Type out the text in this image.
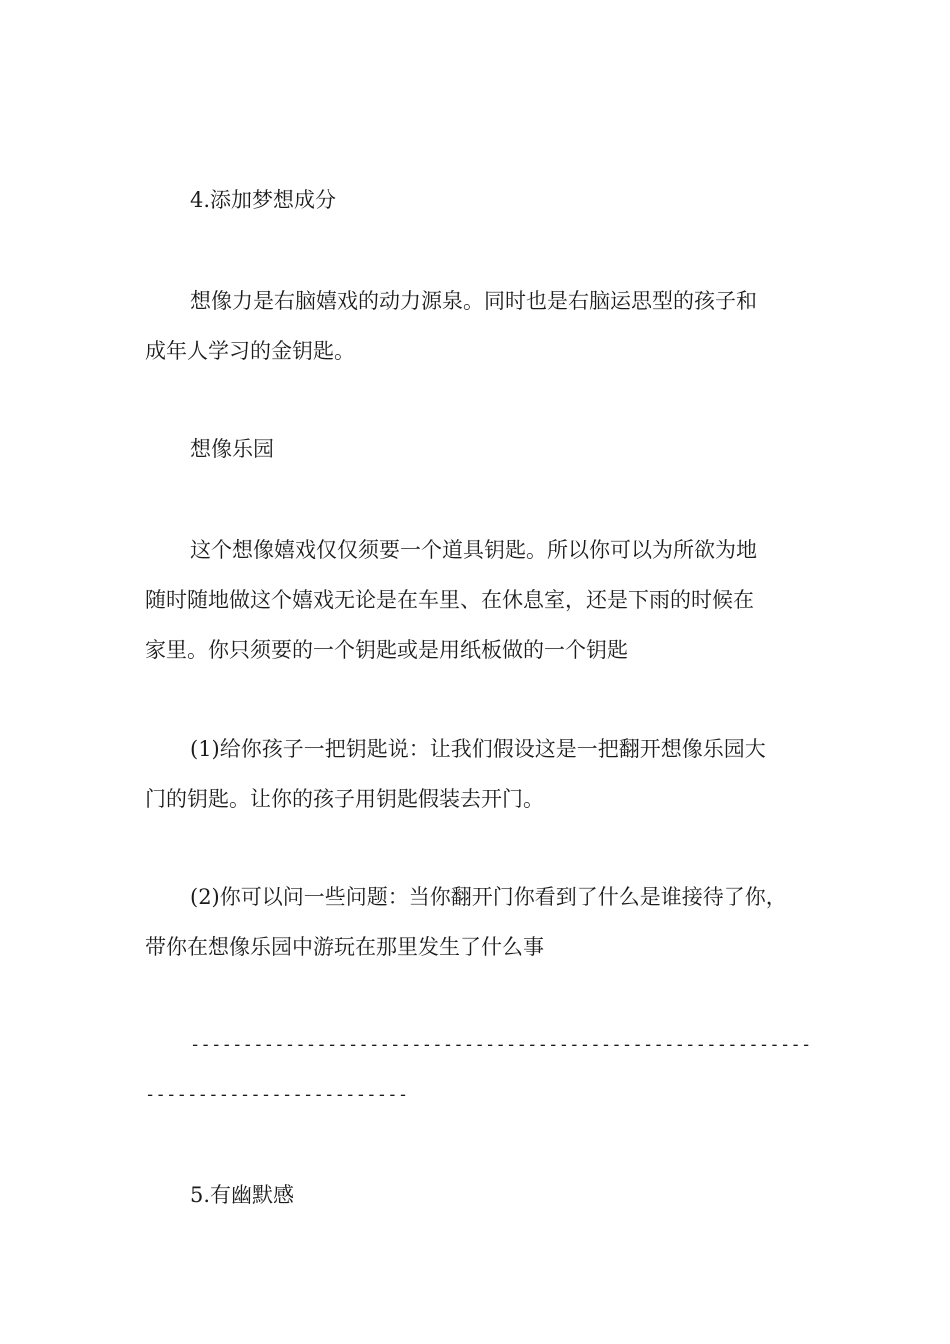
4.添加梦想成分
想像力是右脑嬉戏的动力源泉。同时也是右脑运思型的孩子和
成年人学习的金钥匙。
想像乐园
这个想像嬉戏仅仅须要一个道具钥匙。所以你可以为所欲为地
随时随地做这个嬉戏无论是在车里、在休息室，还是下雨的时候在
家里。你只须要的一个钥匙或是用纸板做的一个钥匙
(1)给你孩子一把钥匙说：让我们假设这是一把翻开想像乐园大
门的钥匙。让你的孩子用钥匙假装去开门。
(2)你可以问一些问题：当你翻开门你看到了什么是谁接待了你，
带你在想像乐园中游玩在那里发生了什么事
-----------------------------------------------------------
-------------------------
5.有幽默感
